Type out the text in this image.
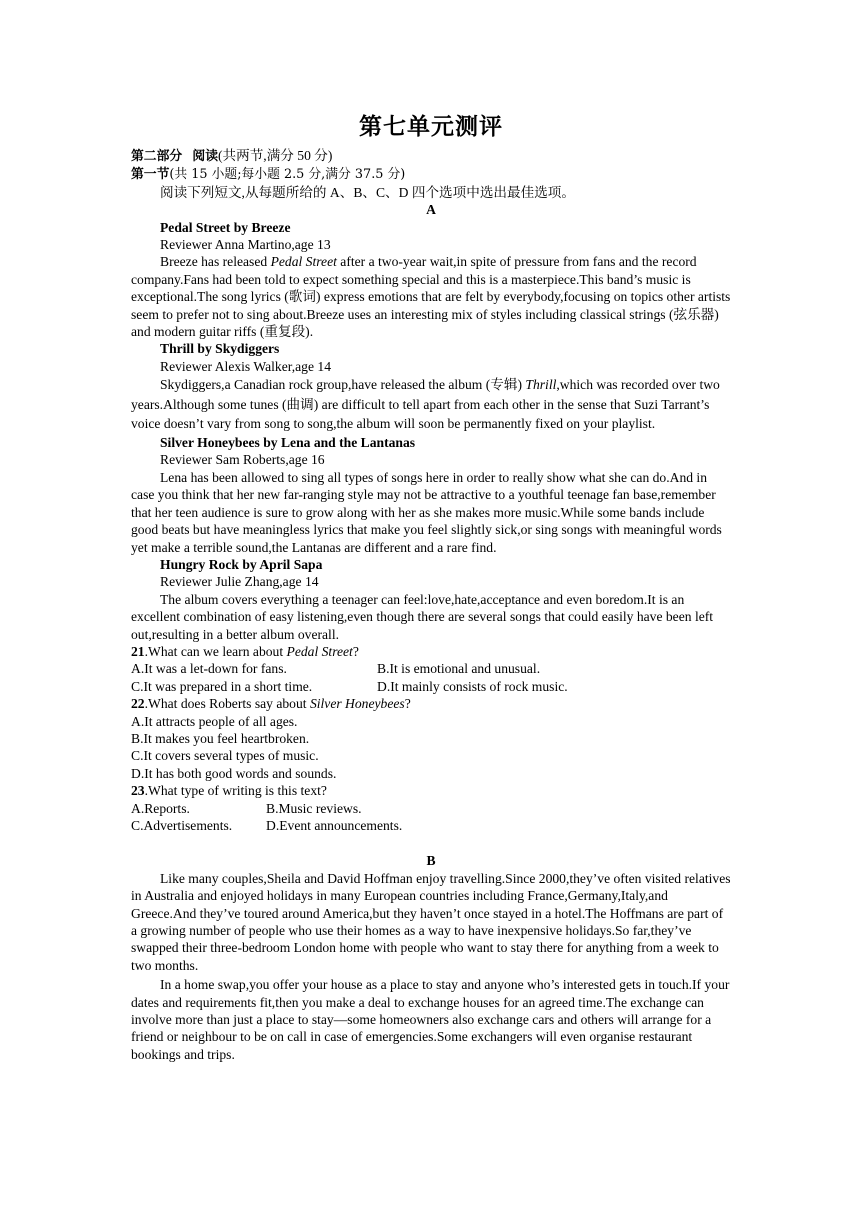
第七单元测评
第二部分 阅读(共两节,满分 50 分)
第一节(共 15 小题;每小题 2.5 分,满分 37.5 分)
阅读下列短文,从每题所给的 A、B、C、D 四个选项中选出最佳选项。
A
Pedal Street by Breeze
Reviewer Anna Martino,age 13

Breeze has released Pedal Street after a two-year wait,in spite of pressure from fans and the record company.Fans had been told to expect something special and this is a masterpiece.This band’s music is exceptional.The song lyrics (歌词) express emotions that are felt by everybody,focusing on topics other artists seem to prefer not to sing about.Breeze uses an interesting mix of styles including classical strings (弦乐器) and modern guitar riffs (重复段).

Thrill by Skydiggers
Reviewer Alexis Walker,age 14

Skydiggers,a Canadian rock group,have released the album (专辑) Thrill,which was recorded over two years.Although some tunes (曲调) are difficult to tell apart from each other in the sense that Suzi Tarrant’s voice doesn’t vary from song to song,the album will soon be permanently fixed on your playlist.

Silver Honeybees by Lena and the Lantanas
Reviewer Sam Roberts,age 16

Lena has been allowed to sing all types of songs here in order to really show what she can do.And in case you think that her new far-ranging style may not be attractive to a youthful teenage fan base,remember that her teen audience is sure to grow along with her as she makes more music.While some bands include good beats but have meaningless lyrics that make you feel slightly sick,or sing songs with meaningful words yet make a terrible sound,the Lantanas are different and a rare find.

Hungry Rock by April Sapa
Reviewer Julie Zhang,age 14

The album covers everything a teenager can feel:love,hate,acceptance and even boredom.It is an excellent combination of easy listening,even though there are several songs that could easily have been left out,resulting in a better album overall.

21.What can we learn about Pedal Street?
A.It was a let-down for fans.	B.It is emotional and unusual.
C.It was prepared in a short time.	D.It mainly consists of rock music.
22.What does Roberts say about Silver Honeybees?
A.It attracts people of all ages.
B.It makes you feel heartbroken.
C.It covers several types of music.
D.It has both good words and sounds.
23.What type of writing is this text?
A.Reports.	B.Music reviews.
C.Advertisements.	D.Event announcements.
B

Like many couples,Sheila and David Hoffman enjoy travelling.Since 2000,they’ve often visited relatives in Australia and enjoyed holidays in many European countries including France,Germany,Italy,and Greece.And they’ve toured around America,but they haven’t once stayed in a hotel.The Hoffmans are part of a growing number of people who use their homes as a way to have inexpensive holidays.So far,they’ve swapped their three-bedroom London home with people who want to stay there for anything from a week to two months.

In a home swap,you offer your house as a place to stay and anyone who’s interested gets in touch.If your dates and requirements fit,then you make a deal to exchange houses for an agreed time.The exchange can involve more than just a place to stay—some homeowners also exchange cars and others will arrange for a friend or neighbour to be on call in case of emergencies.Some exchangers will even organise restaurant bookings and trips.
